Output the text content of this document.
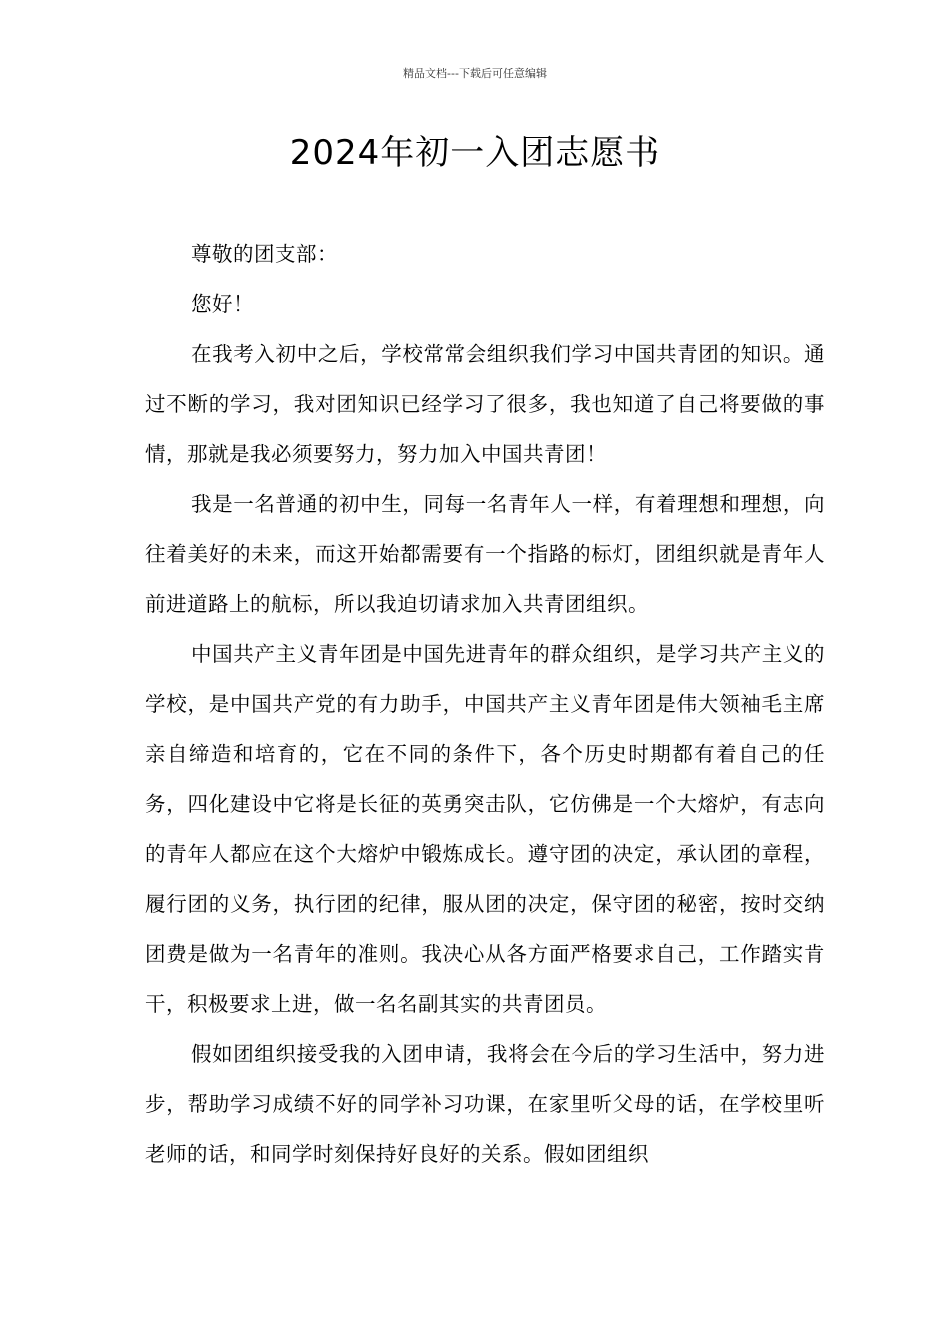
精品文档---下载后可任意编辑
2024年初一入团志愿书

尊敬的团支部：

您好！

在我考入初中之后，学校常常会组织我们学习中国共青团的知识。通过不断的学习，我对团知识已经学习了很多，我也知道了自己将要做的事情，那就是我必须要努力，努力加入中国共青团！

我是一名普通的初中生，同每一名青年人一样，有着理想和理想，向往着美好的未来，而这开始都需要有一个指路的标灯，团组织就是青年人前进道路上的航标，所以我迫切请求加入共青团组织。

中国共产主义青年团是中国先进青年的群众组织，是学习共产主义的学校，是中国共产党的有力助手，中国共产主义青年团是伟大领袖毛主席亲自缔造和培育的，它在不同的条件下，各个历史时期都有着自己的任务，四化建设中它将是长征的英勇突击队，它仿佛是一个大熔炉，有志向的青年人都应在这个大熔炉中锻炼成长。遵守团的决定，承认团的章程，履行团的义务，执行团的纪律，服从团的决定，保守团的秘密，按时交纳团费是做为一名青年的准则。我决心从各方面严格要求自己，工作踏实肯干，积极要求上进，做一名名副其实的共青团员。

假如团组织接受我的入团申请，我将会在今后的学习生活中，努力进步，帮助学习成绩不好的同学补习功课，在家里听父母的话，在学校里听老师的话，和同学时刻保持好良好的关系。假如团组织
